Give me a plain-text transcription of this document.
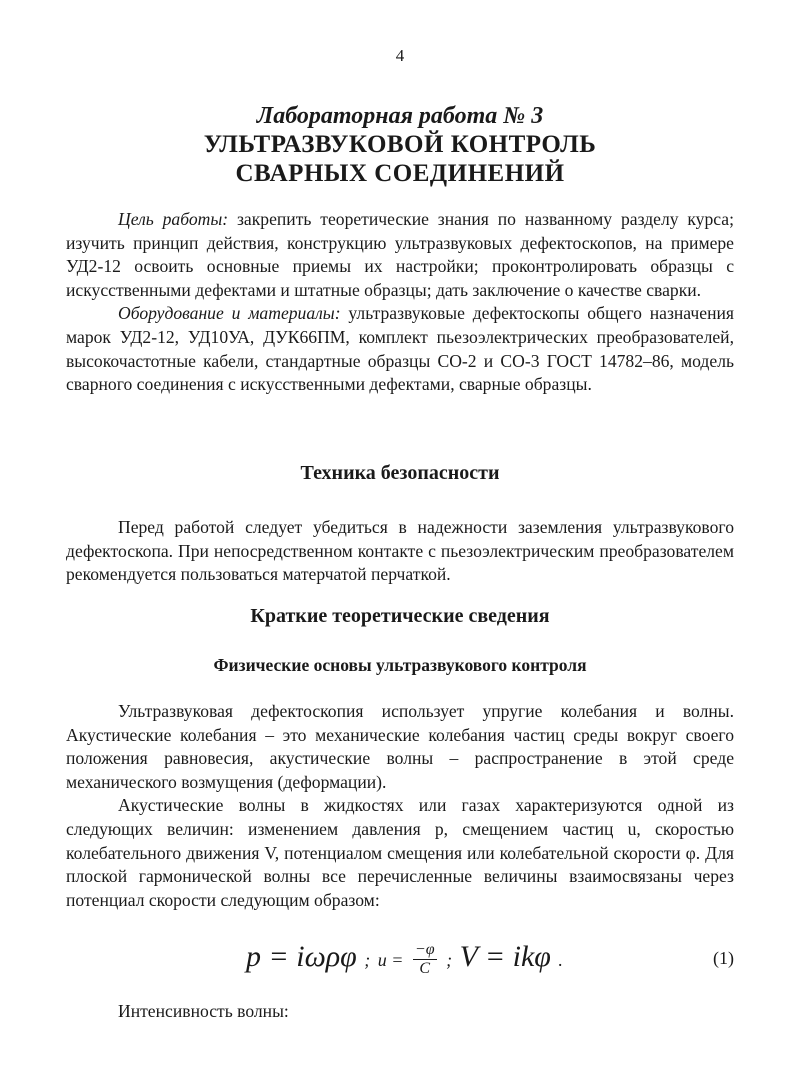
4
Лабораторная работа № 3
УЛЬТРАЗВУКОВОЙ КОНТРОЛЬ
СВАРНЫХ СОЕДИНЕНИЙ

Цель работы: закрепить теоретические знания по названному разделу курса; изучить принцип действия, конструкцию ультразвуковых дефектоскопов, на примере УД2-12 освоить основные приемы их настройки; проконтролировать образцы с искусственными дефектами и штатные образцы; дать заключение о качестве сварки.

Оборудование и материалы: ультразвуковые дефектоскопы общего назначения марок УД2-12, УД10УА, ДУК66ПМ, комплект пьезоэлектрических преобразователей, высокочастотные кабели, стандартные образцы СО-2 и СО-3 ГОСТ 14782–86, модель сварного соединения с искусственными дефектами, сварные образцы.

Техника безопасности

Перед работой следует убедиться в надежности заземления ультразвукового дефектоскопа. При непосредственном контакте с пьезоэлектрическим преобразователем рекомендуется пользоваться матерчатой перчаткой.

Краткие теоретические сведения
Физические основы ультразвукового контроля

Ультразвуковая дефектоскопия использует упругие колебания и волны. Акустические колебания – это механические колебания частиц среды вокруг своего положения равновесия, акустические волны – распространение в этой среде механического возмущения (деформации).

Акустические волны в жидкостях или газах характеризуются одной из следующих величин: изменением давления p, смещением частиц u, скоростью колебательного движения V, потенциалом смещения или колебательной скорости φ. Для плоской гармонической волны все перечисленные величины взаимосвязаны через потенциал скорости следующим образом:

p = iωρφ ; $u = \frac{-\varphi}{C}$ ; V = ikφ .	(1)

Интенсивность волны:
